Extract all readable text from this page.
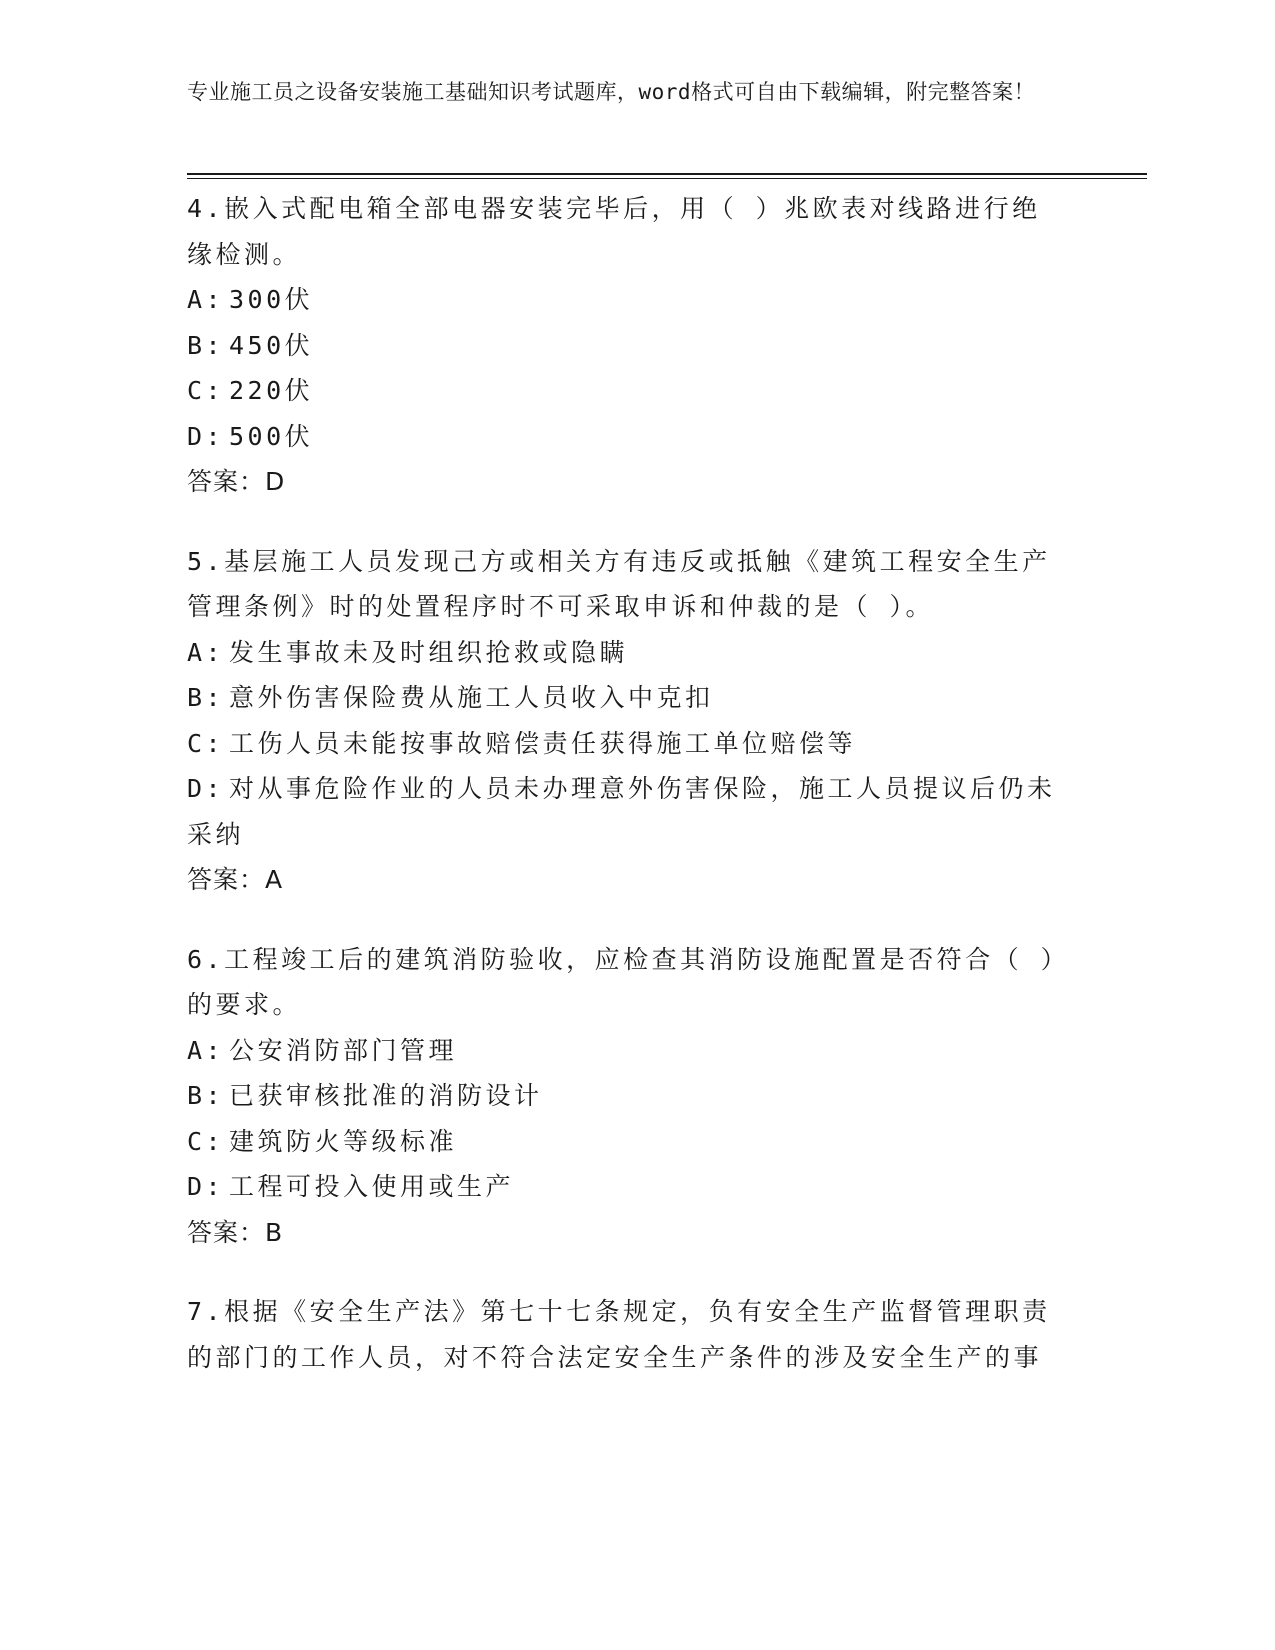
专业施工员之设备安装施工基础知识考试题库，word格式可自由下载编辑，附完整答案！

4.嵌入式配电箱全部电器安装完毕后，用（ ）兆欧表对线路进行绝缘检测。

A: 300伏

B: 450伏

C: 220伏

D: 500伏

答案：D

5.基层施工人员发现己方或相关方有违反或抵触《建筑工程安全生产管理条例》时的处置程序时不可采取申诉和仲裁的是（ ）。

A: 发生事故未及时组织抢救或隐瞒

B: 意外伤害保险费从施工人员收入中克扣

C: 工伤人员未能按事故赔偿责任获得施工单位赔偿等

D: 对从事危险作业的人员未办理意外伤害保险，施工人员提议后仍未采纳

答案：A

6.工程竣工后的建筑消防验收，应检查其消防设施配置是否符合（ ）的要求。

A: 公安消防部门管理

B: 已获审核批准的消防设计

C: 建筑防火等级标准

D: 工程可投入使用或生产

答案：B

7.根据《安全生产法》第七十七条规定，负有安全生产监督管理职责的部门的工作人员，对不符合法定安全生产条件的涉及安全生产的事
